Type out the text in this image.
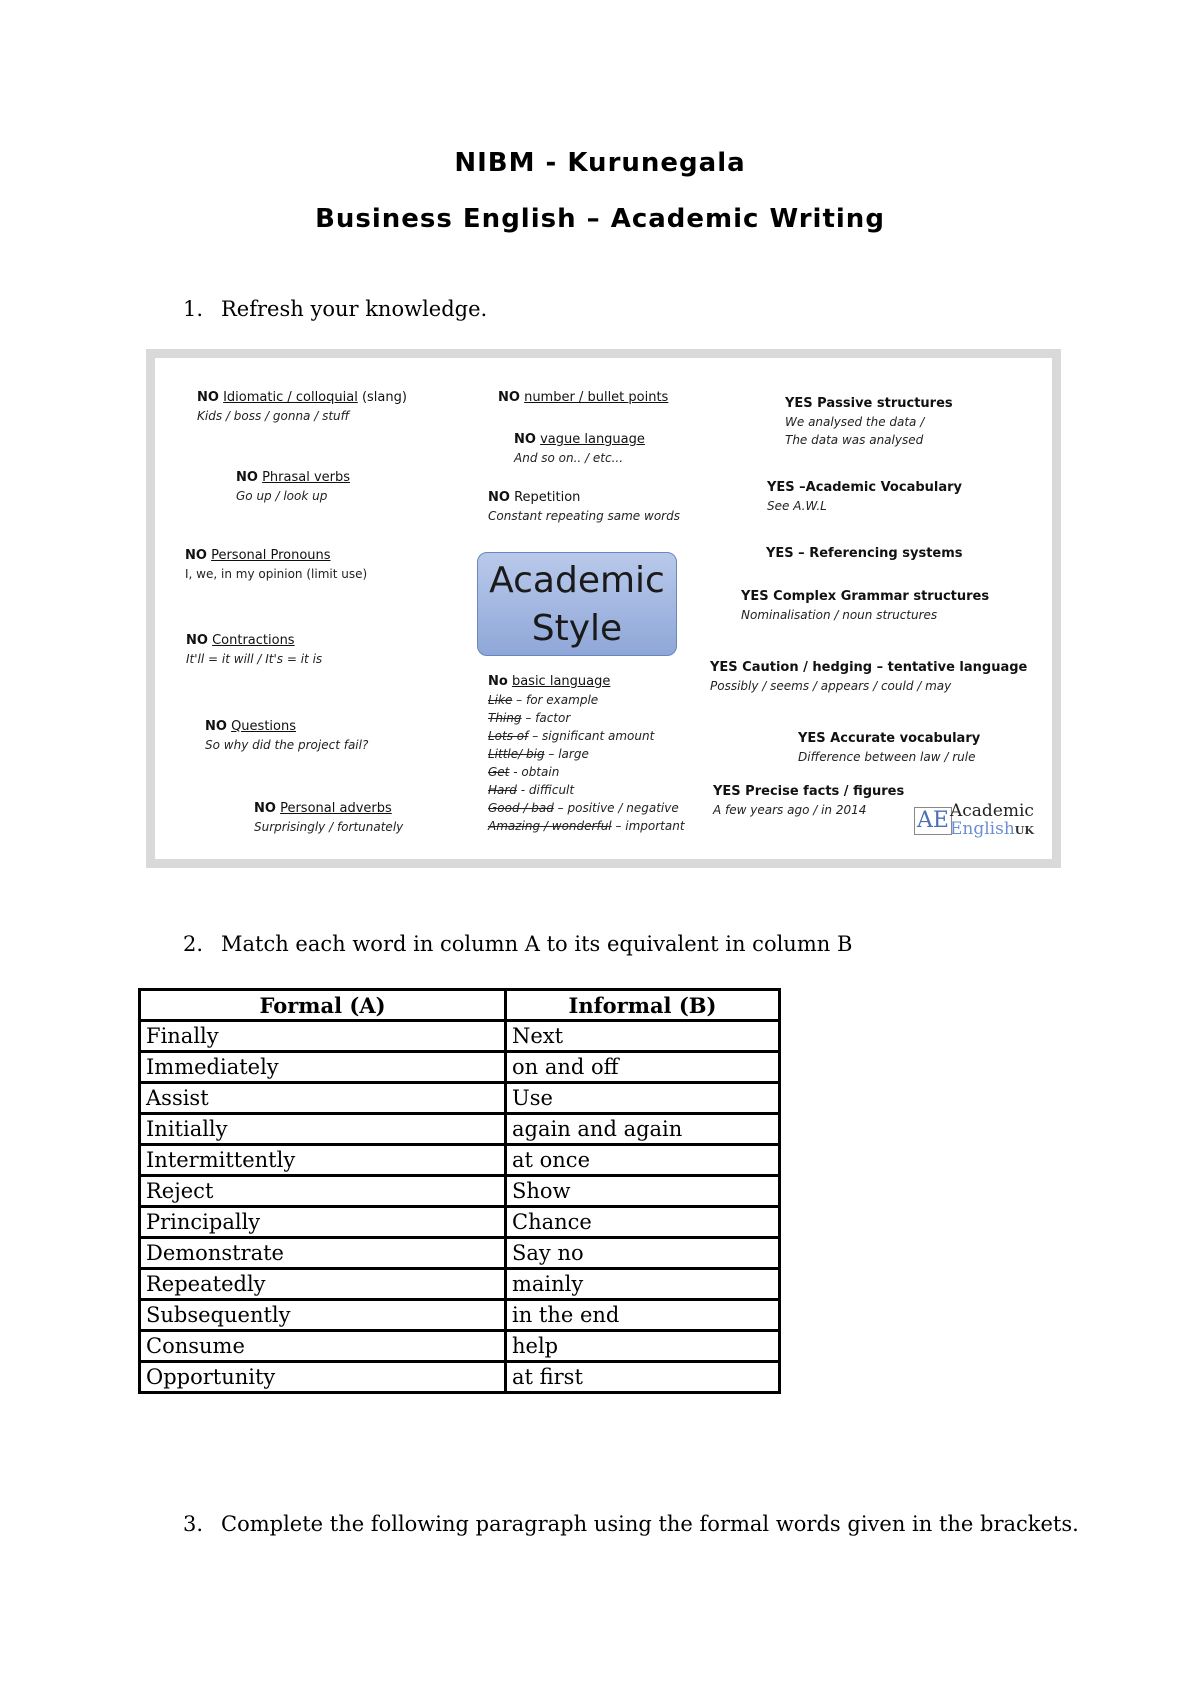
NIBM - Kurunegala
Business English – Academic Writing
1. Refresh your knowledge.
NO Idiomatic / colloquial (slang)
Kids / boss / gonna / stuff
NO Phrasal verbs
Go up / look up
NO Personal Pronouns
I, we, in my opinion (limit use)
NO Contractions
It'll = it will / It's = it is
NO Questions
So why did the project fail?
NO Personal adverbs
Surprisingly / fortunately
NO number / bullet points
NO vague language
And so on.. / etc...
NO Repetition
Constant repeating same words
Academic
Style
No basic language
Like – for example
Thing – factor
Lots of – significant amount
Little/ big – large
Get - obtain
Hard - difficult
Good / bad – positive / negative
Amazing / wonderful – important
YES Passive structures
We analysed the data /
The data was analysed
YES –Academic Vocabulary
See A.W.L
YES – Referencing systems
YES Complex Grammar structures
Nominalisation / noun structures
YES Caution / hedging – tentative language
Possibly / seems / appears / could / may
YES Accurate vocabulary
Difference between law / rule
YES Precise facts / figures
A few years ago / in 2014	AE Academic
EnglishUK
2. Match each word in column A to its equivalent in column B
Formal (A)	Informal (B)
Finally	Next
Immediately	on and off
Assist	Use
Initially	again and again
Intermittently	at once
Reject	Show
Principally	Chance
Demonstrate	Say no
Repeatedly	mainly
Subsequently	in the end
Consume	help
Opportunity	at first
3. Complete the following paragraph using the formal words given in the brackets.
